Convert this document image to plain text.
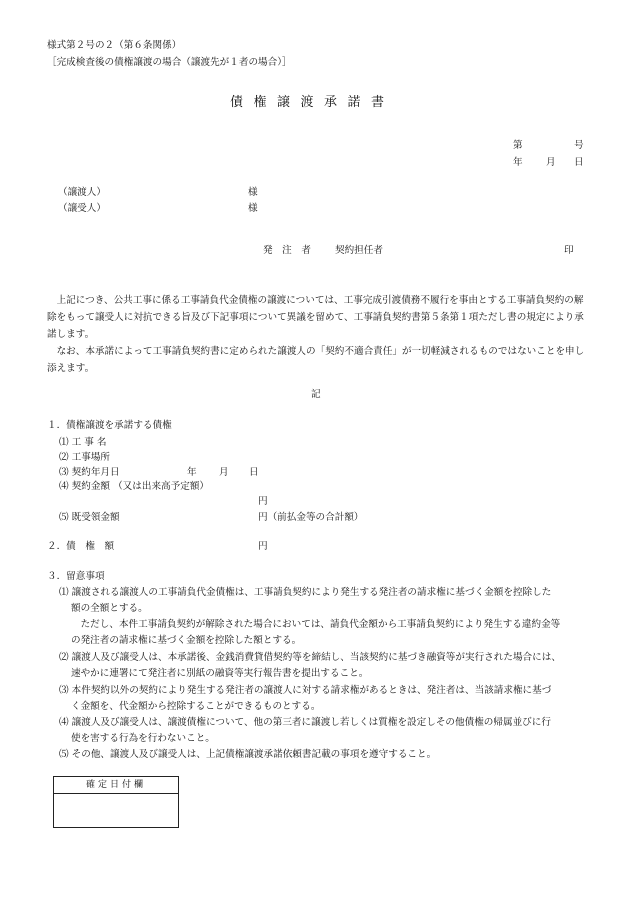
様式第２号の２（第６条関係）
［完成検査後の債権譲渡の場合（譲渡先が１者の場合）］
債権譲渡承諾書
第	号
年 月 日
（譲渡人）	様
（譲受人）	様
発　注　者	契約担任者	印
　上記につき、公共工事に係る工事請負代金債権の譲渡については、工事完成引渡債務不履行を事由とする工事請負契約の解除をもって譲受人に対抗できる旨及び下記事項について異議を留めて、工事請負契約書第５条第１項ただし書の規定により承諾します。
　なお、本承諾によって工事請負契約書に定められた譲渡人の「契約不適合責任」が一切軽減されるものではないことを申し添えます。
記
１．債権譲渡を承諾する債権
⑴ 工 事 名
⑵ 工事場所
⑶ 契約年月日	年 月 日
⑷ 契約金額 （又は出来高予定額）
円
⑸ 既受領金額	円（前払金等の合計額）
２．債　権　額	円
３．留意事項
⑴ 譲渡される譲渡人の工事請負代金債権は、工事請負契約により発生する発注者の請求権に基づく金額を控除した
額の全額とする。
　ただし、本件工事請負契約が解除された場合においては、請負代金額から工事請負契約により発生する違約金等
の発注者の請求権に基づく金額を控除した額とする。
⑵ 譲渡人及び譲受人は、本承諾後、金銭消費貸借契約等を締結し、当該契約に基づき融資等が実行された場合には、
速やかに連署にて発注者に別紙の融資等実行報告書を提出すること。
⑶ 本件契約以外の契約により発生する発注者の譲渡人に対する請求権があるときは、発注者は、当該請求権に基づ
く金額を、代金額から控除することができるものとする。
⑷ 譲渡人及び譲受人は、譲渡債権について、他の第三者に譲渡し若しくは質権を設定しその他債権の帰属並びに行
使を害する行為を行わないこと。
⑸ その他、譲渡人及び譲受人は、上記債権譲渡承諾依頼書記載の事項を遵守すること。
確定日付欄
